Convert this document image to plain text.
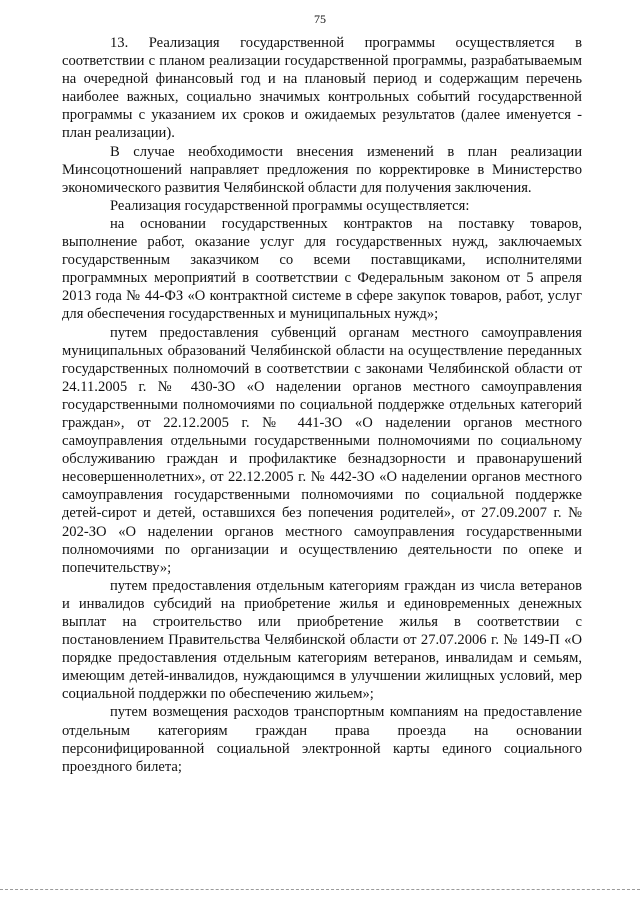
75

13. Реализация государственной программы осуществляется в соответствии с планом реализации государственной программы, разрабатываемым на очередной финансовый год и на плановый период и содержащим перечень наиболее важных, социально значимых контрольных событий государственной программы с указанием их сроков и ожидаемых результатов (далее именуется - план реализации).

В случае необходимости внесения изменений в план реализации Минсоцотношений направляет предложения по корректировке в Министерство экономического развития Челябинской области для получения заключения.

Реализация государственной программы осуществляется:

на основании государственных контрактов на поставку товаров, выполнение работ, оказание услуг для государственных нужд, заключаемых государственным заказчиком со всеми поставщиками, исполнителями программных мероприятий в соответствии с Федеральным законом от 5 апреля 2013 года № 44-ФЗ «О контрактной системе в сфере закупок товаров, работ, услуг для обеспечения государственных и муниципальных нужд»;

путем предоставления субвенций органам местного самоуправления муниципальных образований Челябинской области на осуществление переданных государственных полномочий в соответствии с законами Челябинской области от 24.11.2005 г. № 430-ЗО «О наделении органов местного самоуправления государственными полномочиями по социальной поддержке отдельных категорий граждан», от 22.12.2005 г. № 441-ЗО «О наделении органов местного самоуправления отдельными государственными полномочиями по социальному обслуживанию граждан и профилактике безнадзорности и правонарушений несовершеннолетних», от 22.12.2005 г. № 442-ЗО «О наделении органов местного самоуправления государственными полномочиями по социальной поддержке детей-сирот и детей, оставшихся без попечения родителей», от 27.09.2007 г. № 202-ЗО «О наделении органов местного самоуправления государственными полномочиями по организации и осуществлению деятельности по опеке и попечительству»;

путем предоставления отдельным категориям граждан из числа ветеранов и инвалидов субсидий на приобретение жилья и единовременных денежных выплат на строительство или приобретение жилья в соответствии с постановлением Правительства Челябинской области от 27.07.2006 г. № 149-П «О порядке предоставления отдельным категориям ветеранов, инвалидам и семьям, имеющим детей-инвалидов, нуждающимся в улучшении жилищных условий, мер социальной поддержки по обеспечению жильем»;

путем возмещения расходов транспортным компаниям на предоставление отдельным категориям граждан права проезда на основании персонифицированной социальной электронной карты единого социального проездного билета;
